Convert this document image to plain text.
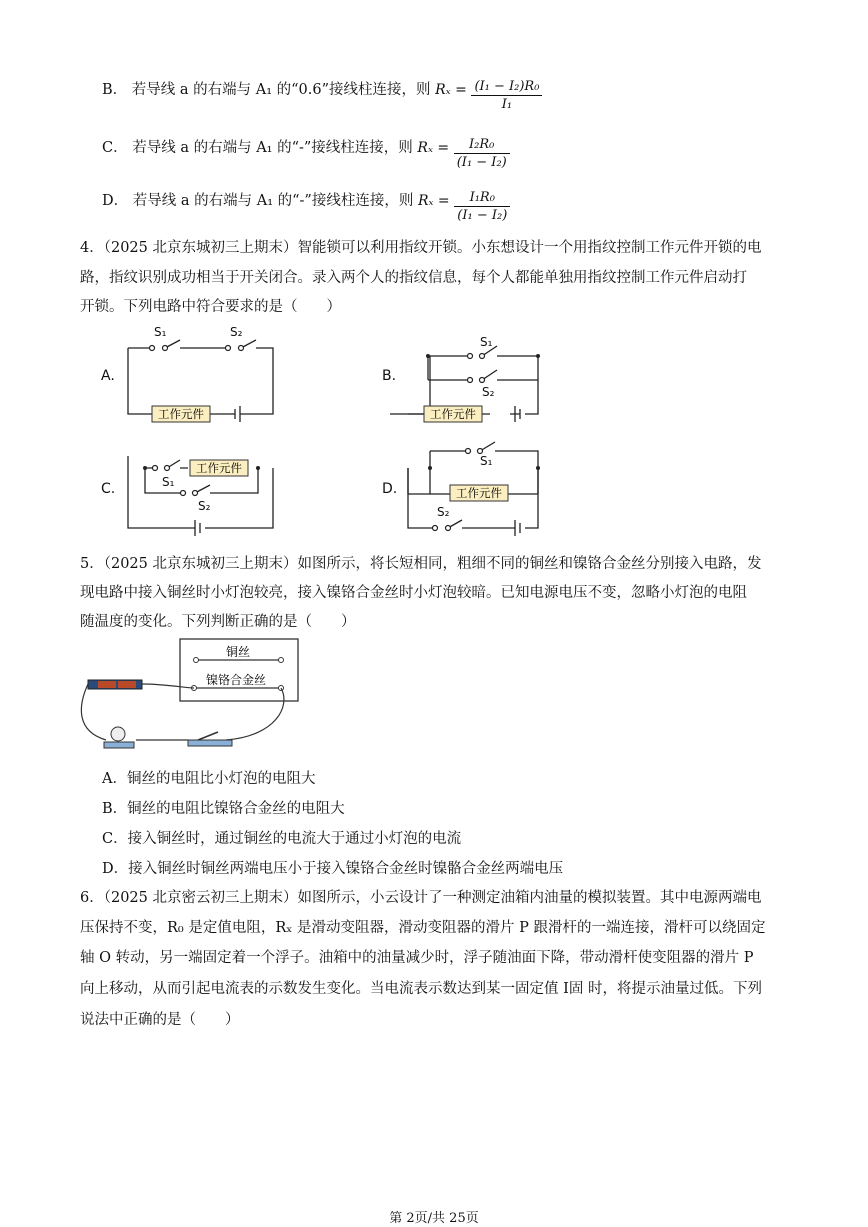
B． 若导线 a 的右端与 A₁ 的“0.6”接线柱连接，则 $R_x = \frac{\text{(I₁ − I₂)R₀}}{\text{I₁}}$
C． 若导线 a 的右端与 A₁ 的“-”接线柱连接，则 $R_x = \frac{\text{I₂R₀}}{\text{(I₁ − I₂)}}$
D． 若导线 a 的右端与 A₁ 的“-”接线柱连接，则 $R_x = \frac{\text{I₁R₀}}{\text{(I₁ − I₂)}}$
4．（2025 北京东城初三上期末）智能锁可以利用指纹开锁。小东想设计一个用指纹控制工作元件开锁的电
路，指纹识别成功相当于开关闭合。录入两个人的指纹信息，每个人都能单独用指纹控制工作元件启动打
开锁。下列电路中符合要求的是（　　）
工作元件	工作元件
工作元件
工作元件
S₁	S₂
S₁
S₂
S₁
S₂
S₁
S₂
A.	B.
C.	D.
5．（2025 北京东城初三上期末）如图所示，将长短相同，粗细不同的铜丝和镍铬合金丝分别接入电路，发
现电路中接入铜丝时小灯泡较亮，接入镍铬合金丝时小灯泡较暗。已知电源电压不变，忽略小灯泡的电阻
随温度的变化。下列判断正确的是（　　）
铜丝
镍铬合金丝
A．铜丝的电阻比小灯泡的电阻大
B．铜丝的电阻比镍铬合金丝的电阻大
C．接入铜丝时，通过铜丝的电流大于通过小灯泡的电流
D．接入铜丝时铜丝两端电压小于接入镍铬合金丝时镍骼合金丝两端电压
6．（2025 北京密云初三上期末）如图所示，小云设计了一种测定油箱内油量的模拟装置。其中电源两端电
压保持不变，R₀ 是定值电阻，Rₓ 是滑动变阻器，滑动变阻器的滑片 P 跟滑杆的一端连接，滑杆可以绕固定
轴 O 转动，另一端固定着一个浮子。油箱中的油量减少时，浮子随油面下降，带动滑杆使变阻器的滑片 P
向上移动，从而引起电流表的示数发生变化。当电流表示数达到某一固定值 I固 时，将提示油量过低。下列
说法中正确的是（　　）
第 2页/共 25页
